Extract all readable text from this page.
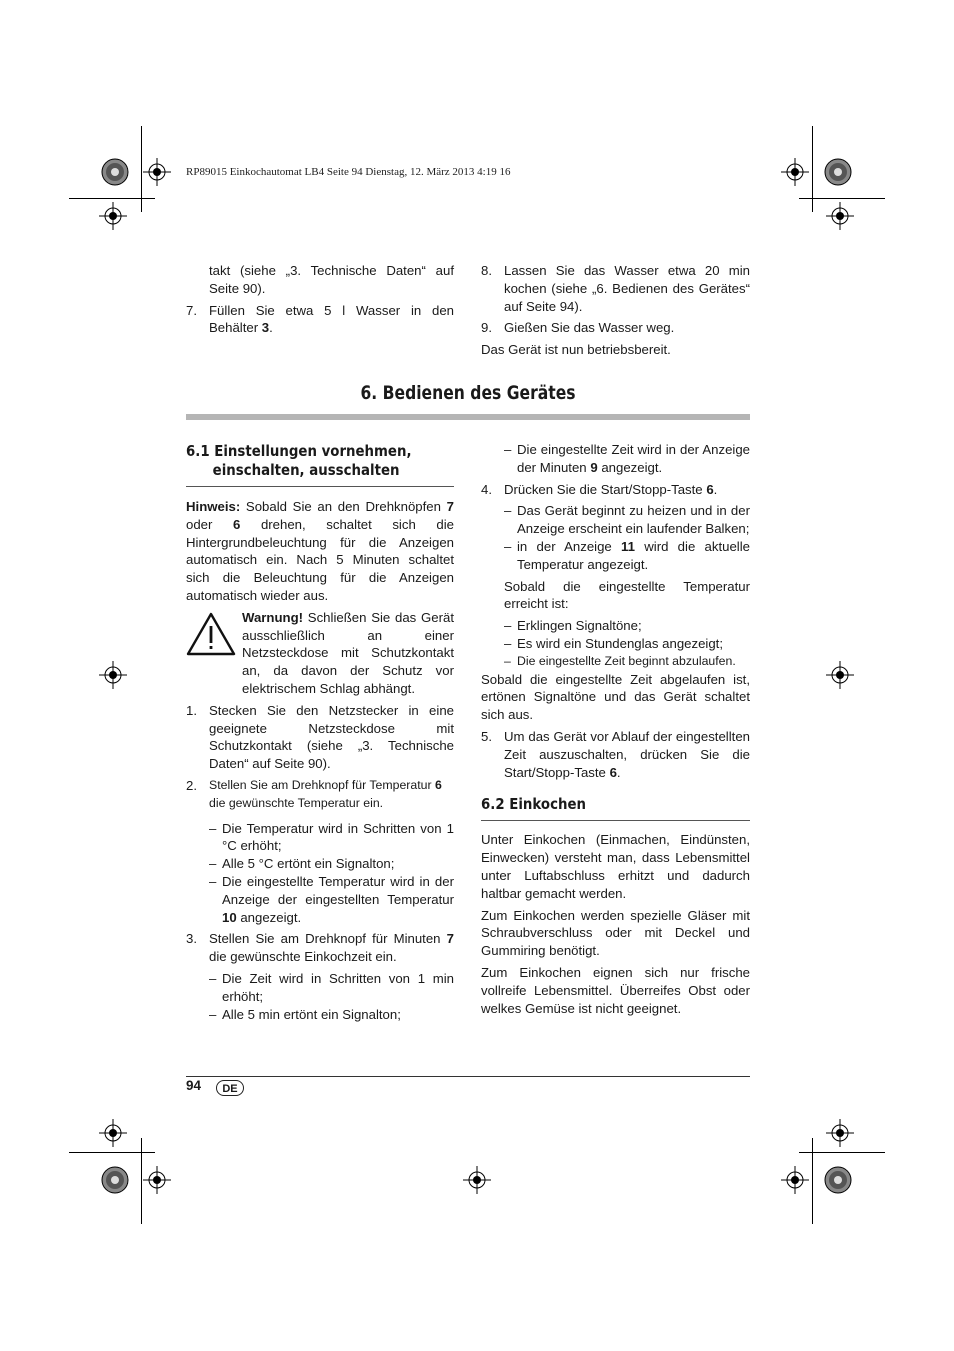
RP89015 Einkochautomat LB4 Seite 94 Dienstag, 12. März 2013 4:19 16
takt (siehe „3. Technische Daten“ auf Seite 90).
7. Füllen Sie etwa 5 l Wasser in den Behälter 3.
8. Lassen Sie das Wasser etwa 20 min kochen (siehe „6. Bedienen des Gerätes“ auf Seite 94).
9. Gießen Sie das Wasser weg.
Das Gerät ist nun betriebsbereit.
6. Bedienen des Gerätes
6.1 Einstellungen vornehmen,
einschalten, ausschalten
Hinweis: Sobald Sie an den Drehknöpfen 7 oder 6 drehen, schaltet sich die Hintergrundbeleuchtung für die Anzeigen automatisch ein. Nach 5 Minuten schaltet sich die Beleuchtung für die Anzeigen automatisch wieder aus.
Warnung! Schließen Sie das Gerät ausschließlich an einer Netzsteckdose mit Schutzkontakt an, da davon der Schutz vor elektrischem Schlag abhängt.
1. Stecken Sie den Netzstecker in eine geeignete Netzsteckdose mit Schutzkontakt (siehe „3. Technische Daten“ auf Seite 90).
2. Stellen Sie am Drehknopf für Temperatur 6 die gewünschte Temperatur ein.
– Die Temperatur wird in Schritten von 1 °C erhöht;
– Alle 5 °C ertönt ein Signalton;
– Die eingestellte Temperatur wird in der Anzeige der eingestellten Temperatur 10 angezeigt.
3. Stellen Sie am Drehknopf für Minuten 7 die gewünschte Einkochzeit ein.
– Die Zeit wird in Schritten von 1 min erhöht;
– Alle 5 min ertönt ein Signalton;
– Die eingestellte Zeit wird in der Anzeige der Minuten 9 angezeigt.
4. Drücken Sie die Start/Stopp-Taste 6.
– Das Gerät beginnt zu heizen und in der Anzeige erscheint ein laufender Balken;
– in der Anzeige 11 wird die aktuelle Temperatur angezeigt.
Sobald die eingestellte Temperatur erreicht ist:
– Erklingen Signaltöne;
– Es wird ein Stundenglas angezeigt;
– Die eingestellte Zeit beginnt abzulaufen.
Sobald die eingestellte Zeit abgelaufen ist, ertönen Signaltöne und das Gerät schaltet sich aus.
5. Um das Gerät vor Ablauf der eingestellten Zeit auszuschalten, drücken Sie die Start/Stopp-Taste 6.
6.2 Einkochen
Unter Einkochen (Einmachen, Eindünsten, Einwecken) versteht man, dass Lebensmittel unter Luftabschluss erhitzt und dadurch haltbar gemacht werden.
Zum Einkochen werden spezielle Gläser mit Schraubverschluss oder mit Deckel und Gummiring benötigt.
Zum Einkochen eignen sich nur frische vollreife Lebensmittel. Überreifes Obst oder welkes Gemüse ist nicht geeignet.
94	DE
